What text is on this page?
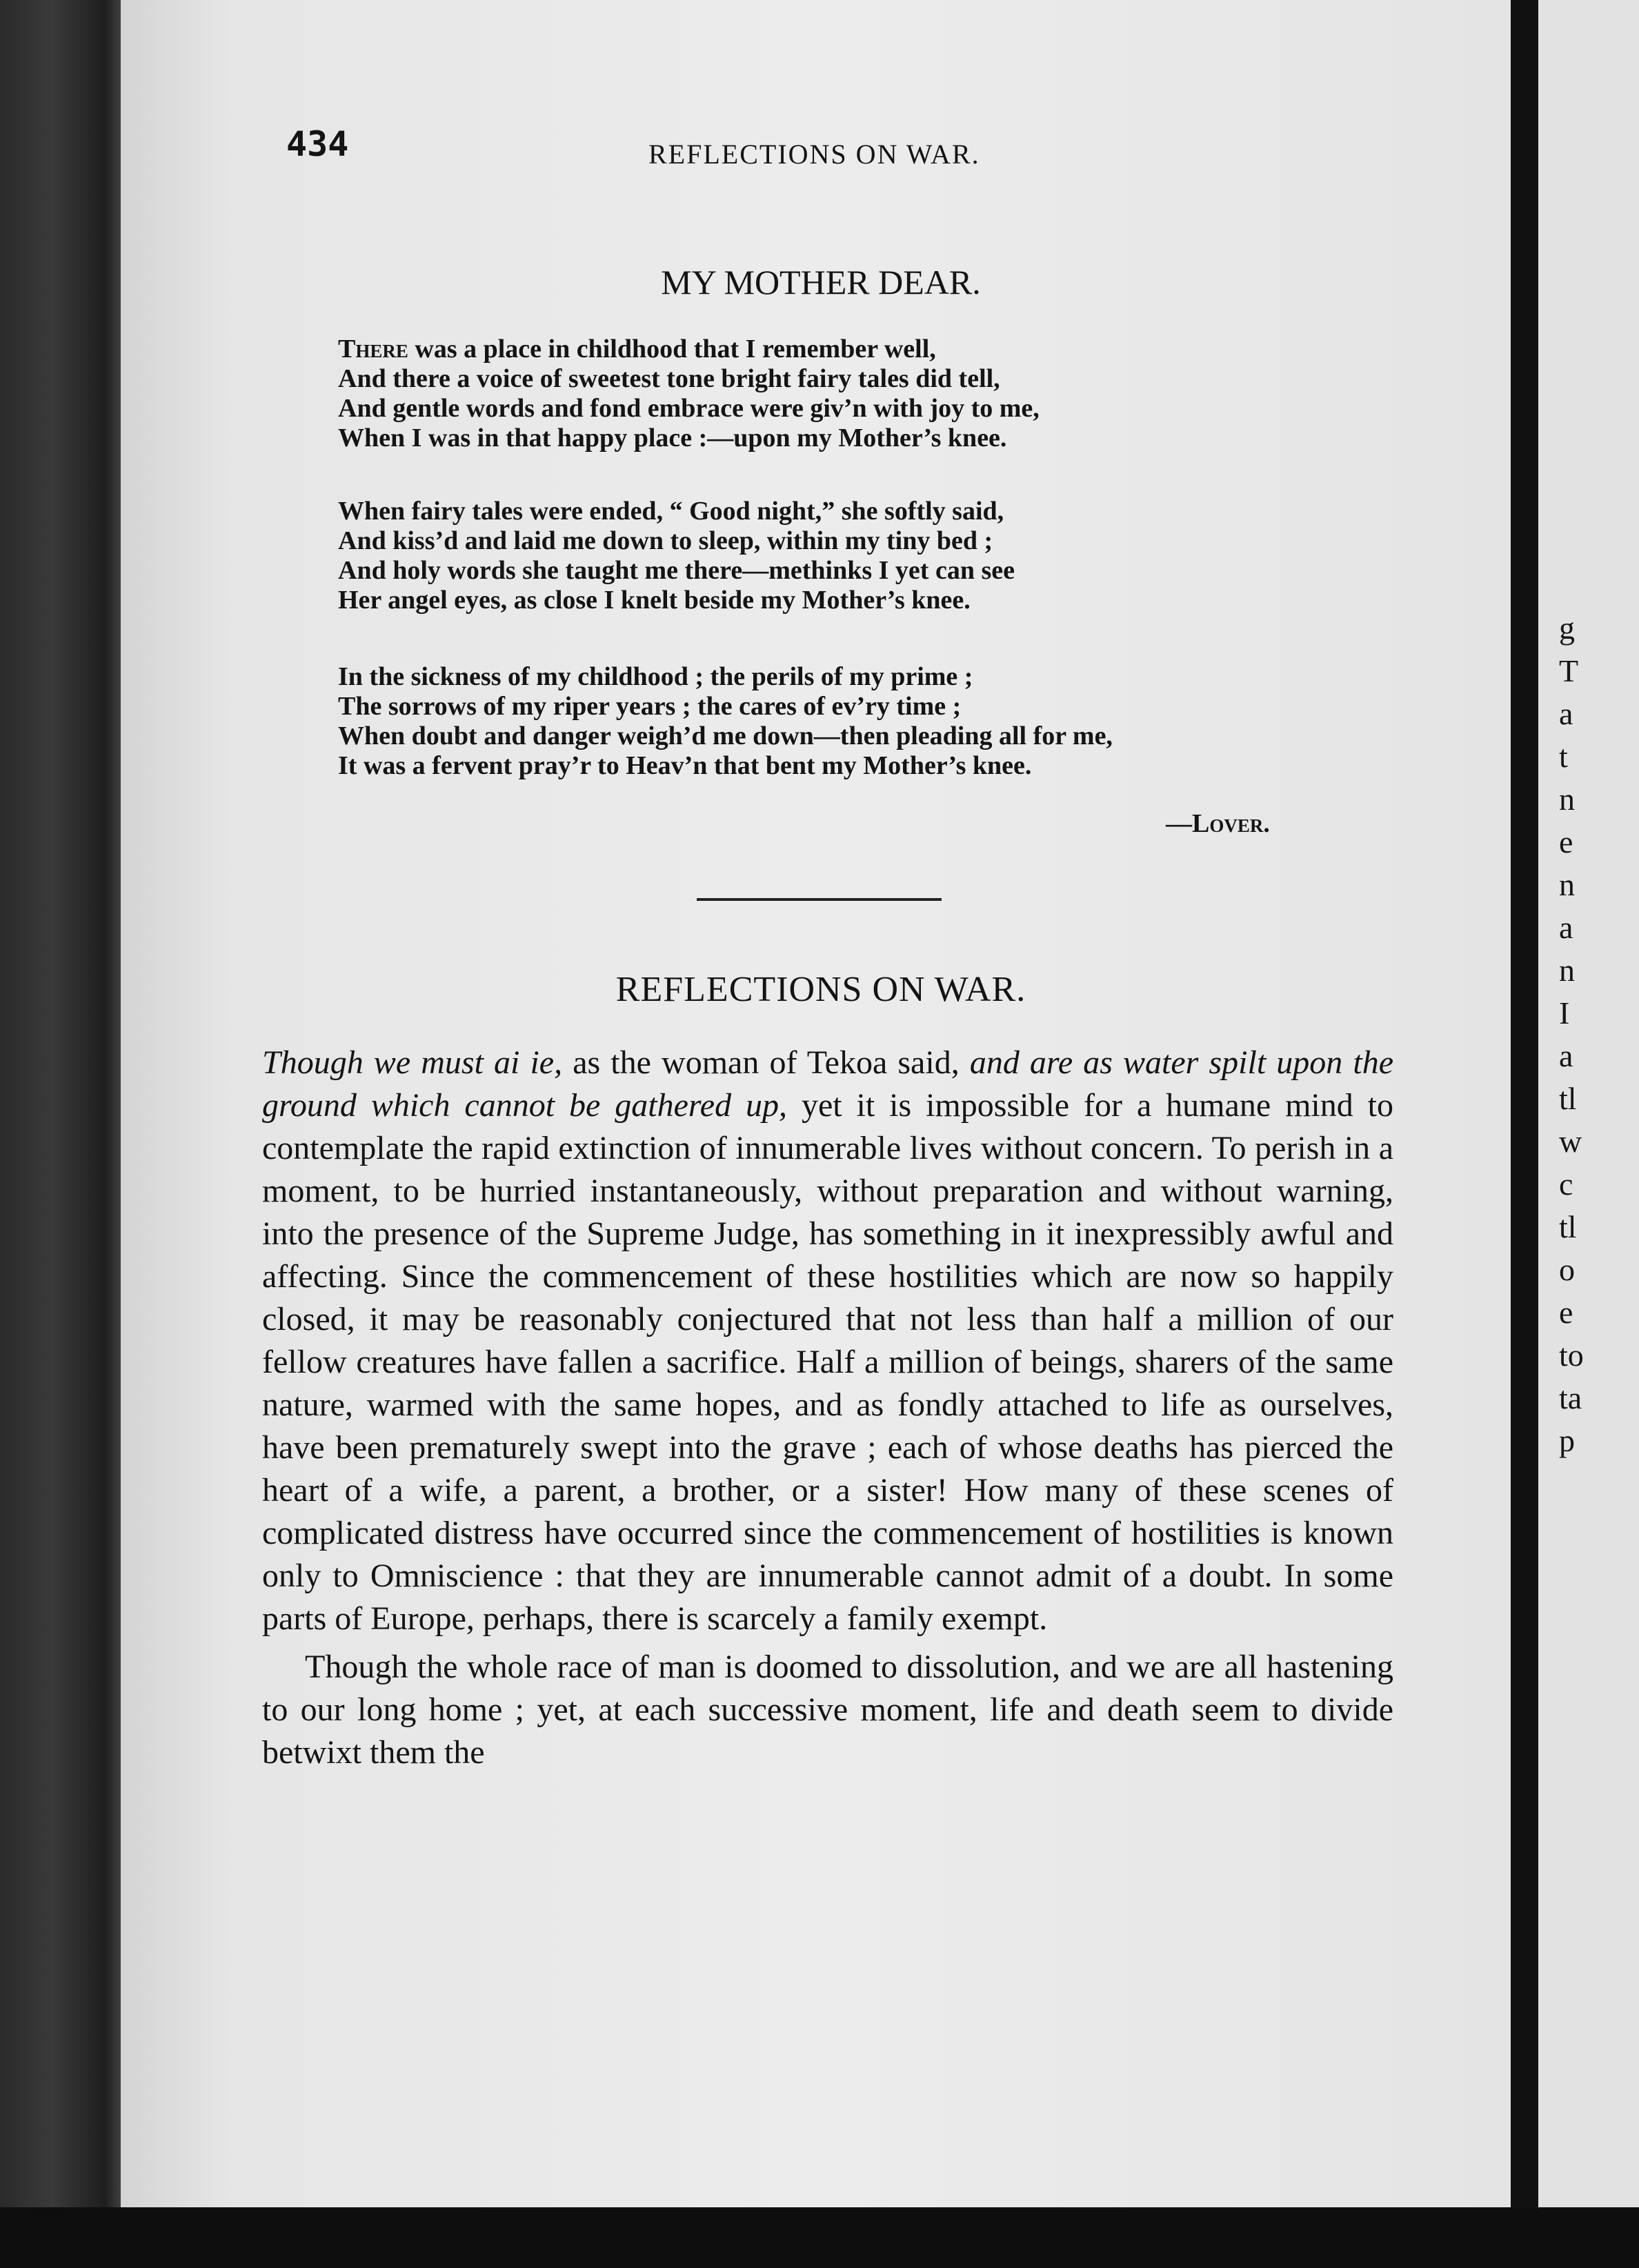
434	REFLECTIONS ON WAR.
MY MOTHER DEAR.

There was a place in childhood that I remember well,

And there a voice of sweetest tone bright fairy tales did tell,

And gentle words and fond embrace were giv’n with joy to me,

When I was in that happy place :—upon my Mother’s knee.

When fairy tales were ended, “ Good night,” she softly said,

And kiss’d and laid me down to sleep, within my tiny bed ;

And holy words she taught me there—methinks I yet can see

Her angel eyes, as close I knelt beside my Mother’s knee.

In the sickness of my childhood ; the perils of my prime ;

The sorrows of my riper years ; the cares of ev’ry time ;

When doubt and danger weigh’d me down—then pleading all for me,

It was a fervent pray’r to Heav’n that bent my Mother’s knee.

—Lover.
REFLECTIONS ON WAR.

Though we must ai ie, as the woman of Tekoa said, and are as water spilt upon the ground which cannot be gathered up, yet it is impossible for a humane mind to contemplate the rapid extinction of innumerable lives without concern. To perish in a moment, to be hurried instantaneously, without preparation and without warning, into the presence of the Supreme Judge, has something in it inexpressibly awful and affecting. Since the commencement of these hostilities which are now so happily closed, it may be reasonably conjectured that not less than half a million of our fellow creatures have fallen a sacrifice. Half a million of beings, sharers of the same nature, warmed with the same hopes, and as fondly attached to life as ourselves, have been prematurely swept into the grave ; each of whose deaths has pierced the heart of a wife, a parent, a brother, or a sister! How many of these scenes of complicated distress have occurred since the commencement of hostilities is known only to Omniscience : that they are innumerable cannot admit of a doubt. In some parts of Europe, perhaps, there is scarcely a family exempt.

Though the whole race of man is doomed to dissolution, and we are all hastening to our long home ; yet, at each successive moment, life and death seem to divide betwixt them the

g
T
a
t
n
e
n
a
n
I
a
tl
w
c
tl
o
e
to
ta
p
